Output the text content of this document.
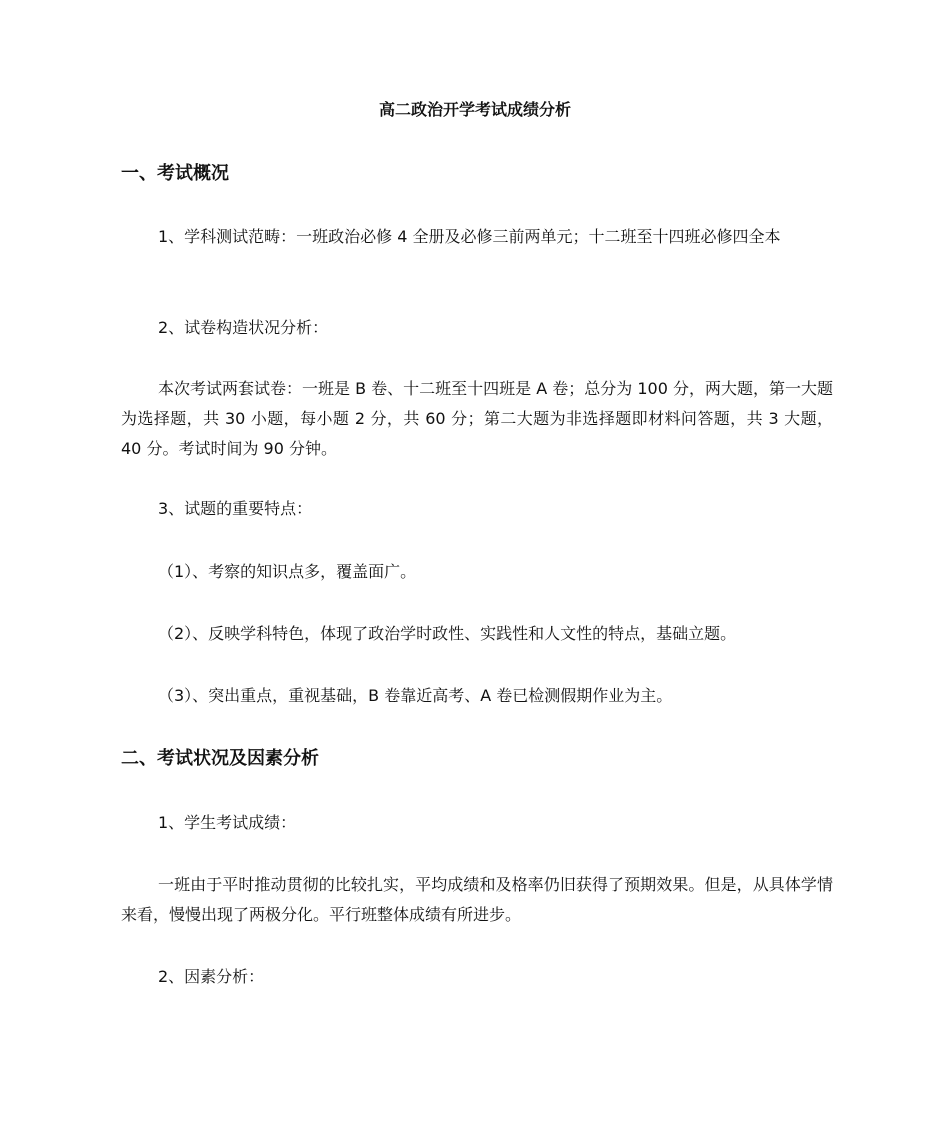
高二政治开学考试成绩分析
一、考试概况
1、学科测试范畴：一班政治必修 4 全册及必修三前两单元；十二班至十四班必修四全本
2、试卷构造状况分析：
本次考试两套试卷：一班是 B 卷、十二班至十四班是 A 卷；总分为 100 分，两大题，第一大题为选择题，共 30 小题，每小题 2 分，共 60 分；第二大题为非选择题即材料问答题，共 3 大题，40 分。考试时间为 90 分钟。
3、试题的重要特点：
（1）、考察的知识点多，覆盖面广。
（2）、反映学科特色，体现了政治学时政性、实践性和人文性的特点，基础立题。
（3）、突出重点，重视基础，B 卷靠近高考、A 卷已检测假期作业为主。
二、考试状况及因素分析
1、学生考试成绩：
一班由于平时推动贯彻的比较扎实，平均成绩和及格率仍旧获得了预期效果。但是，从具体学情来看，慢慢出现了两极分化。平行班整体成绩有所进步。
2、因素分析：
